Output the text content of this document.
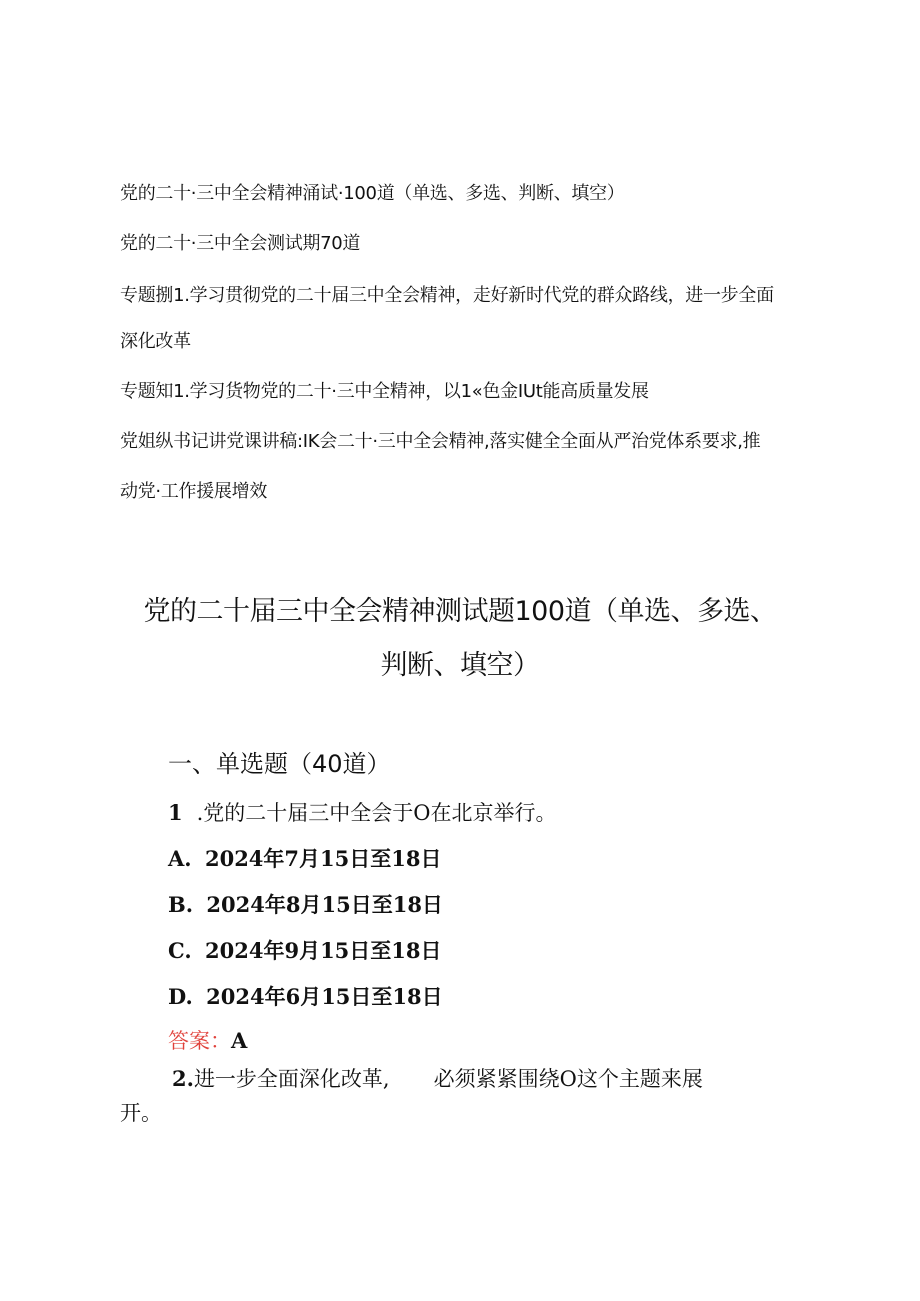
党的二十·三中全会精神涌试·100道（单选、多选、判断、填空）
党的二十·三中全会测试期70道
专题捌1.学习贯彻党的二十届三中全会精神，走好新时代党的群众路线，进一步全面
深化改革
专题知1.学习货物党的二十·三中全精神，以1«色金IUt能高质量发展
党姐纵书记讲党课讲稿:IK会二十·三中全会精神,落实健全全面从严治党体系要求,推
动党·工作援展增效
党的二十届三中全会精神测试题100道（单选、多选、
判断、填空）
一、单选题（40道）
1 .党的二十届三中全会于O在北京举行。
A. 2024年7月15日至18日
B. 2024年8月15日至18日
C. 2024年9月15日至18日
D. 2024年6月15日至18日
答案：A
2.进一步全面深化改革, 必须紧紧围绕O这个主题来展
开。
